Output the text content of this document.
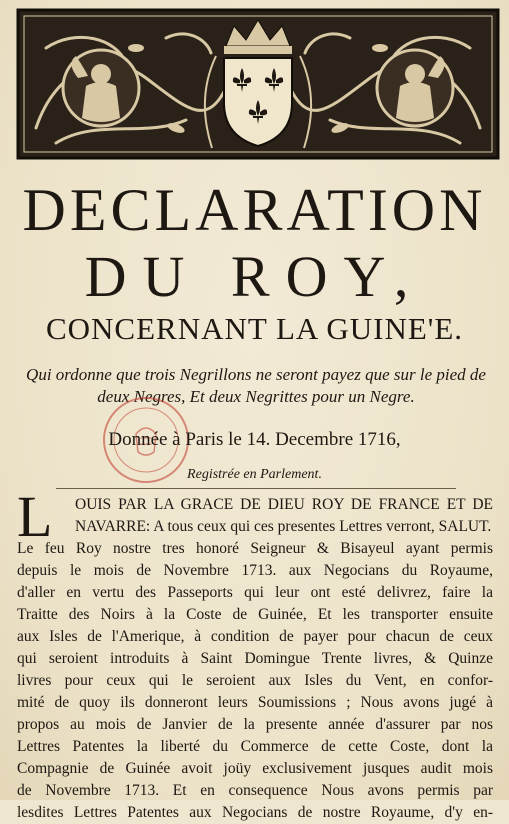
DECLARATION
DU ROY,
CONCERNANT LA GUINE'E.
Qui ordonne que trois Negrillons ne seront payez que sur le pied de deux Negres, Et deux Negrittes pour un Negre.
Donnée à Paris le 14. Decembre 1716,
Registrée en Parlement.
L OUIS PAR LA GRACE DE DIEU ROY DE FRANCE ET DE NAVARRE: A tous ceux qui ces presentes Lettres verront, SALUT.
Le feu Roy nostre tres honoré Seigneur & Bisayeul ayant permis
depuis le mois de Novembre 1713. aux Negocians du Royaume,
d'aller en vertu des Passeports qui leur ont esté delivrez, faire la
Traitte des Noirs à la Coste de Guinée, Et les transporter ensuite
aux Isles de l'Amerique, à condition de payer pour chacun de ceux
qui seroient introduits à Saint Domingue Trente livres, & Quinze
livres pour ceux qui le seroient aux Isles du Vent, en confor-
mité de quoy ils donneront leurs Soumissions ; Nous avons jugé à
propos au mois de Janvier de la presente année d'assurer par nos
Lettres Patentes la liberté du Commerce de cette Coste, dont la
Compagnie de Guinée avoit joüy exclusivement jusques audit mois
de Novembre 1713. Et en consequence Nous avons permis par
lesdites Lettres Patentes aux Negocians de nostre Royaume, d'y en-
